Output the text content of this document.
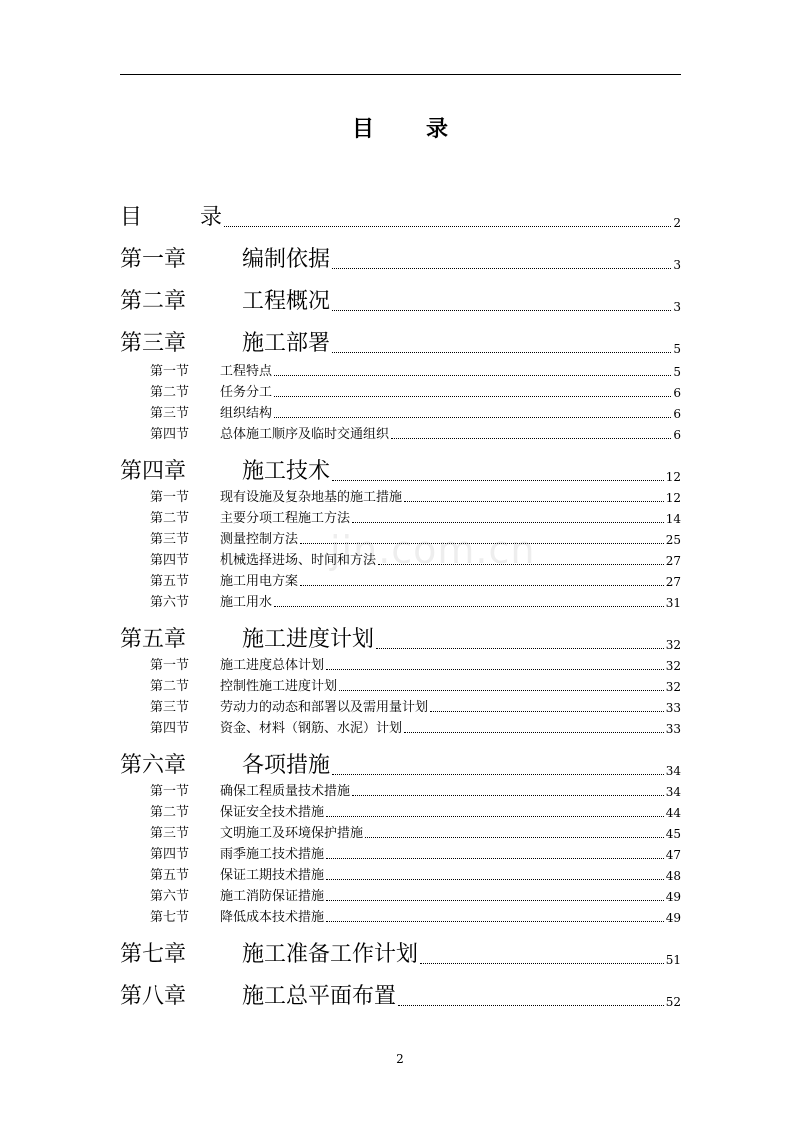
目录
目	录	2
第一章	编制依据	3
第二章	工程概况	3
第三章	施工部署	5
第一节	工程特点	5
第二节	任务分工	6
第三节	组织结构	6
第四节	总体施工顺序及临时交通组织	6
第四章	施工技术	12
第一节	现有设施及复杂地基的施工措施	12
第二节	主要分项工程施工方法	14
第三节	测量控制方法	25
第四节	机械选择进场、时间和方法	27
第五节	施工用电方案	27
第六节	施工用水	31
第五章	施工进度计划	32
第一节	施工进度总体计划	32
第二节	控制性施工进度计划	32
第三节	劳动力的动态和部署以及需用量计划	33
第四节	资金、材料（钢筋、水泥）计划	33
第六章	各项措施	34
第一节	确保工程质量技术措施	34
第二节	保证安全技术措施	44
第三节	文明施工及环境保护措施	45
第四节	雨季施工技术措施	47
第五节	保证工期技术措施	48
第六节	施工消防保证措施	49
第七节	降低成本技术措施	49
第七章	施工准备工作计划	51
第八章	施工总平面布置	52
jin.com.cn
2
